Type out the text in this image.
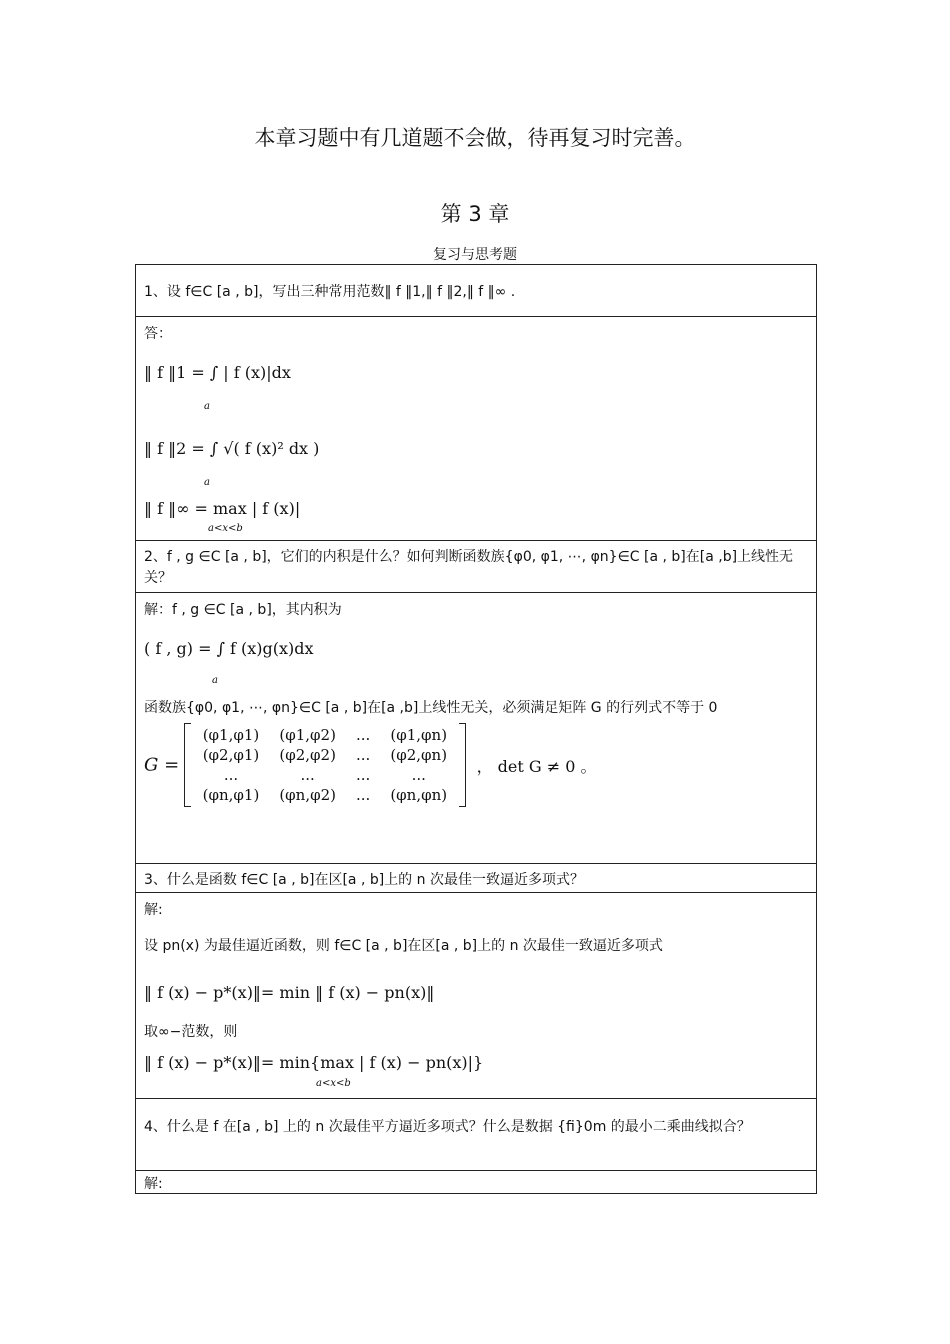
本章习题中有几道题不会做，待再复习时完善。
第 3 章
复习与思考题
1、设 f∈C [a , b]，写出三种常用范数‖ f ‖1,‖ f ‖2,‖ f ‖∞ .
答：
‖ f ‖1 = ∫ | f (x)|dx
a
‖ f ‖2 = ∫ √( f (x)² dx )
a
‖ f ‖∞ = max | f (x)|
a<x<b
2、f , g ∈C [a , b]，它们的内积是什么？如何判断函数族{φ0, φ1, ⋯, φn}∈C [a , b]在[a ,b]上线性无关？
解：f , g ∈C [a , b]，其内积为
( f , g) = ∫ f (x)g(x)dx
a
函数族{φ0, φ1, ⋯, φn}∈C [a , b]在[a ,b]上线性无关，必须满足矩阵 G 的行列式不等于 0
G =
(φ1,φ1)	(φ1,φ2)	...	(φ1,φn)
(φ2,φ1)	(φ2,φ2)	...	(φ2,φn)
...	...	...	...
(φn,φ1)	(φn,φ2)	...	(φn,φn)
， det G ≠ 0 。
3、什么是函数 f∈C [a , b]在区[a , b]上的 n 次最佳一致逼近多项式？
解:
设 pn(x) 为最佳逼近函数，则 f∈C [a , b]在区[a , b]上的 n 次最佳一致逼近多项式
‖ f (x) − p*(x)‖= min ‖ f (x) − pn(x)‖
取∞−范数，则
‖ f (x) − p*(x)‖= min{max | f (x) − pn(x)|}
a<x<b
4、什么是 f 在[a , b] 上的 n 次最佳平方逼近多项式？什么是数据 {fi}0m 的最小二乘曲线拟合？
解:
